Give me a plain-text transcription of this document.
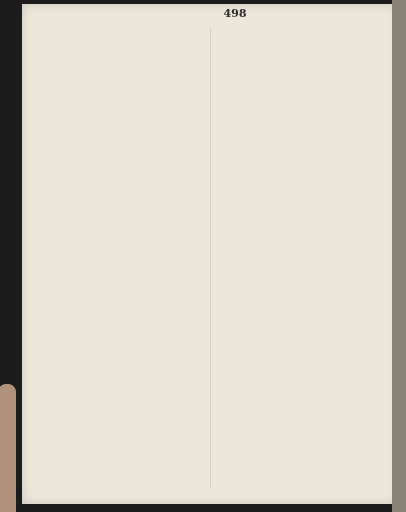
498
